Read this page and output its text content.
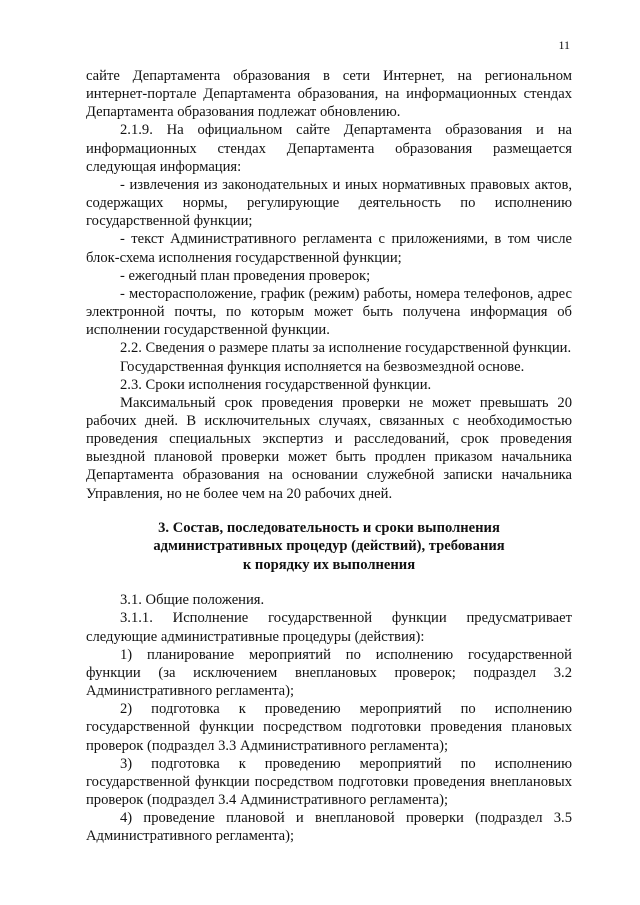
11

сайте Департамента образования в сети Интернет, на региональном интернет-портале Департамента образования, на информационных стендах Департамента образования подлежат обновлению.

2.1.9. На официальном сайте Департамента образования и на информационных стендах Департамента образования размещается следующая информация:

- извлечения из законодательных и иных нормативных правовых актов, содержащих нормы, регулирующие деятельность по исполнению государственной функции;

- текст Административного регламента с приложениями, в том числе блок-схема исполнения государственной функции;

- ежегодный план проведения проверок;

- месторасположение, график (режим) работы, номера телефонов, адрес электронной почты, по которым может быть получена информация об исполнении государственной функции.

2.2. Сведения о размере платы за исполнение государственной функции.

Государственная функция исполняется на безвозмездной основе.

2.3. Сроки исполнения государственной функции.

Максимальный срок проведения проверки не может превышать 20 рабочих дней. В исключительных случаях, связанных с необходимостью проведения специальных экспертиз и расследований, срок проведения выездной плановой проверки может быть продлен приказом начальника Департамента образования на основании служебной записки начальника Управления, но не более чем на 20 рабочих дней.

3. Состав, последовательность и сроки выполнения
административных процедур (действий), требования
к порядку их выполнения

3.1. Общие положения.

3.1.1. Исполнение государственной функции предусматривает следующие административные процедуры (действия):

1) планирование мероприятий по исполнению государственной функции (за исключением внеплановых проверок; подраздел 3.2 Административного регламента);

2) подготовка к проведению мероприятий по исполнению государственной функции посредством подготовки проведения плановых проверок (подраздел 3.3 Административного регламента);

3) подготовка к проведению мероприятий по исполнению государственной функции посредством подготовки проведения внеплановых проверок (подраздел 3.4 Административного регламента);

4) проведение плановой и внеплановой проверки (подраздел 3.5 Административного регламента);
